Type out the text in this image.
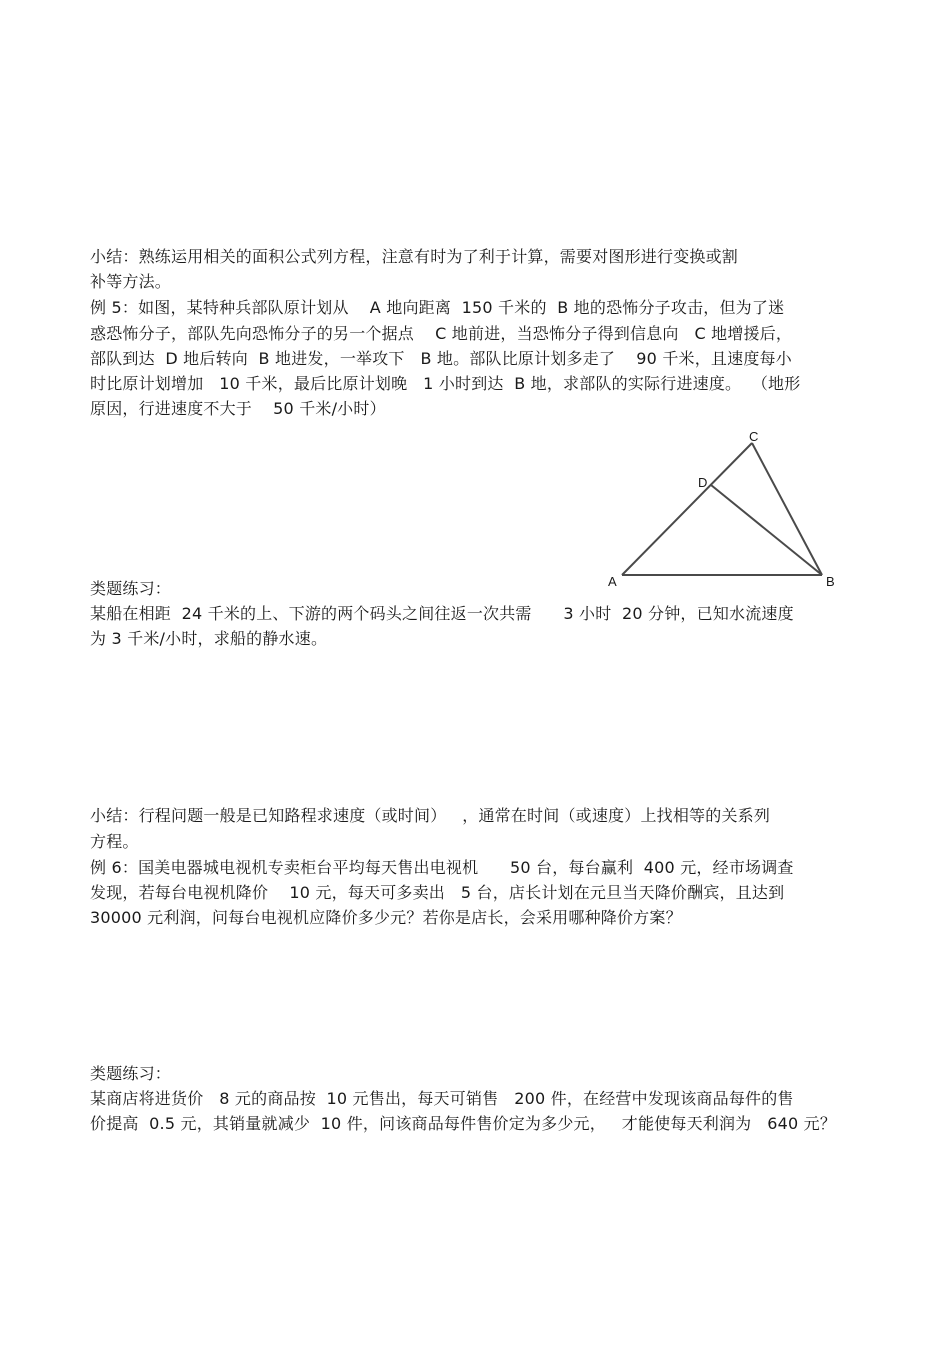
小结：熟练运用相关的面积公式列方程，注意有时为了利于计算，需要对图形进行变换或割
补等方法。
例 5：如图，某特种兵部队原计划从    A 地向距离  150 千米的  B 地的恐怖分子攻击，但为了迷
惑恐怖分子，部队先向恐怖分子的另一个据点    C 地前进，当恐怖分子得到信息向   C 地增援后，
部队到达  D 地后转向  B 地进发，一举攻下   B 地。部队比原计划多走了    90 千米，且速度每小
时比原计划增加   10 千米，最后比原计划晚   1 小时到达  B 地，求部队的实际行进速度。  （地形
原因，行进速度不大于    50 千米/小时）
A	B
C
D
类题练习：
某船在相距  24 千米的上、下游的两个码头之间往返一次共需      3 小时  20 分钟，已知水流速度
为 3 千米/小时，求船的静水速。
小结：行程问题一般是已知路程求速度（或时间）   ，通常在时间（或速度）上找相等的关系列
方程。
例 6：国美电器城电视机专卖柜台平均每天售出电视机      50 台，每台赢利  400 元，经市场调查
发现，若每台电视机降价    10 元，每天可多卖出   5 台，店长计划在元旦当天降价酬宾，且达到
30000 元利润，问每台电视机应降价多少元？若你是店长，会采用哪种降价方案？
类题练习：
某商店将进货价   8 元的商品按  10 元售出，每天可销售   200 件，在经营中发现该商品每件的售
价提高  0.5 元，其销量就减少  10 件，问该商品每件售价定为多少元，   才能使每天利润为   640 元？
